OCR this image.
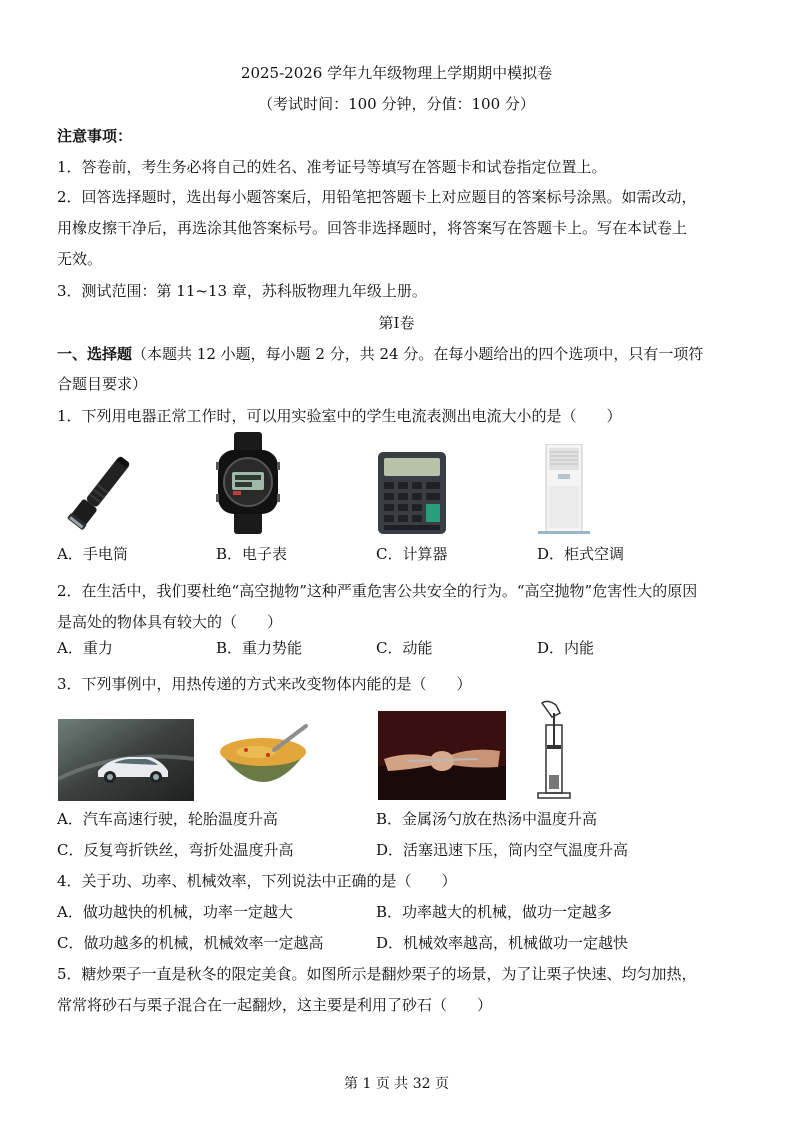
2025-2026 学年九年级物理上学期期中模拟卷
（考试时间：100 分钟，分值：100 分）
注意事项：
1．答卷前，考生务必将自己的姓名、准考证号等填写在答题卡和试卷指定位置上。
2．回答选择题时，选出每小题答案后，用铅笔把答题卡上对应题目的答案标号涂黑。如需改动，
用橡皮擦干净后，再选涂其他答案标号。回答非选择题时，将答案写在答题卡上。写在本试卷上
无效。
3．测试范围：第 11~13 章，苏科版物理九年级上册。
第Ⅰ卷
一、选择题（本题共 12 小题，每小题 2 分，共 24 分。在每小题给出的四个选项中，只有一项符
合题目要求）
1．下列用电器正常工作时，可以用实验室中的学生电流表测出电流大小的是（　　）
A．手电筒	B．电子表	C．计算器	D．柜式空调
2．在生活中，我们要杜绝“高空抛物”这种严重危害公共安全的行为。“高空抛物”危害性大的原因
是高处的物体具有较大的（　　）
A．重力	B．重力势能	C．动能	D．内能
3．下列事例中，用热传递的方式来改变物体内能的是（　　）
A．汽车高速行驶，轮胎温度升高	B．金属汤勺放在热汤中温度升高
C．反复弯折铁丝，弯折处温度升高	D．活塞迅速下压，筒内空气温度升高
4．关于功、功率、机械效率，下列说法中正确的是（　　）
A．做功越快的机械，功率一定越大	B．功率越大的机械，做功一定越多
C．做功越多的机械，机械效率一定越高	D．机械效率越高，机械做功一定越快
5．糖炒栗子一直是秋冬的限定美食。如图所示是翻炒栗子的场景，为了让栗子快速、均匀加热，
常常将砂石与栗子混合在一起翻炒，这主要是利用了砂石（　　）
第 1 页 共 32 页
